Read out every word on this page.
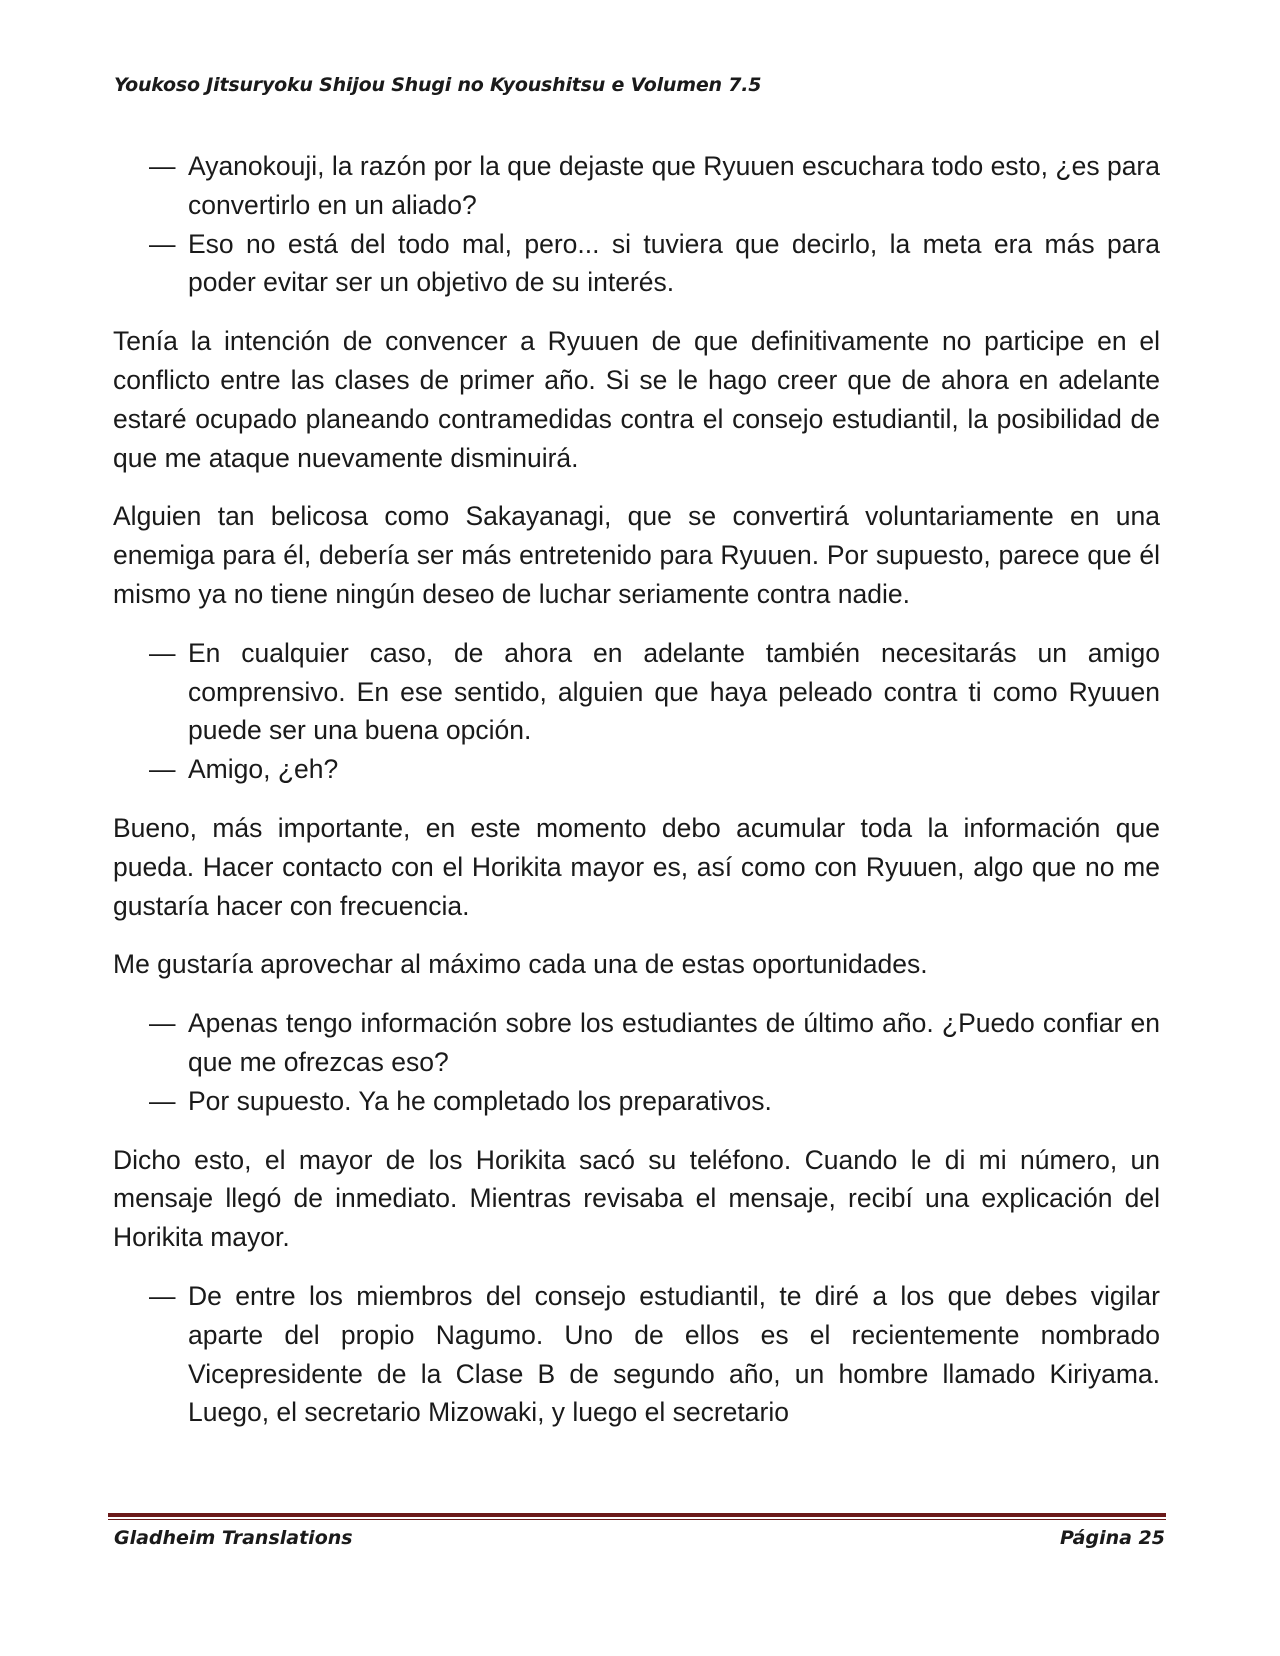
Youkoso Jitsuryoku Shijou Shugi no Kyoushitsu e Volumen 7.5

— Ayanokouji, la razón por la que dejaste que Ryuuen escuchara todo esto, ¿es para convertirlo en un aliado?

— Eso no está del todo mal, pero... si tuviera que decirlo, la meta era más para poder evitar ser un objetivo de su interés.

Tenía la intención de convencer a Ryuuen de que definitivamente no participe en el conflicto entre las clases de primer año. Si se le hago creer que de ahora en adelante estaré ocupado planeando contramedidas contra el consejo estudiantil, la posibilidad de que me ataque nuevamente disminuirá.

Alguien tan belicosa como Sakayanagi, que se convertirá voluntariamente en una enemiga para él, debería ser más entretenido para Ryuuen. Por supuesto, parece que él mismo ya no tiene ningún deseo de luchar seriamente contra nadie.

— En cualquier caso, de ahora en adelante también necesitarás un amigo comprensivo. En ese sentido, alguien que haya peleado contra ti como Ryuuen puede ser una buena opción.

— Amigo, ¿eh?

Bueno, más importante, en este momento debo acumular toda la información que pueda. Hacer contacto con el Horikita mayor es, así como con Ryuuen, algo que no me gustaría hacer con frecuencia.

Me gustaría aprovechar al máximo cada una de estas oportunidades.

— Apenas tengo información sobre los estudiantes de último año. ¿Puedo confiar en que me ofrezcas eso?

— Por supuesto. Ya he completado los preparativos.

Dicho esto, el mayor de los Horikita sacó su teléfono. Cuando le di mi número, un mensaje llegó de inmediato. Mientras revisaba el mensaje, recibí una explicación del Horikita mayor.

— De entre los miembros del consejo estudiantil, te diré a los que debes vigilar aparte del propio Nagumo. Uno de ellos es el recientemente nombrado Vicepresidente de la Clase B de segundo año, un hombre llamado Kiriyama. Luego, el secretario Mizowaki, y luego el secretario

Gladheim Translations	Página 25
